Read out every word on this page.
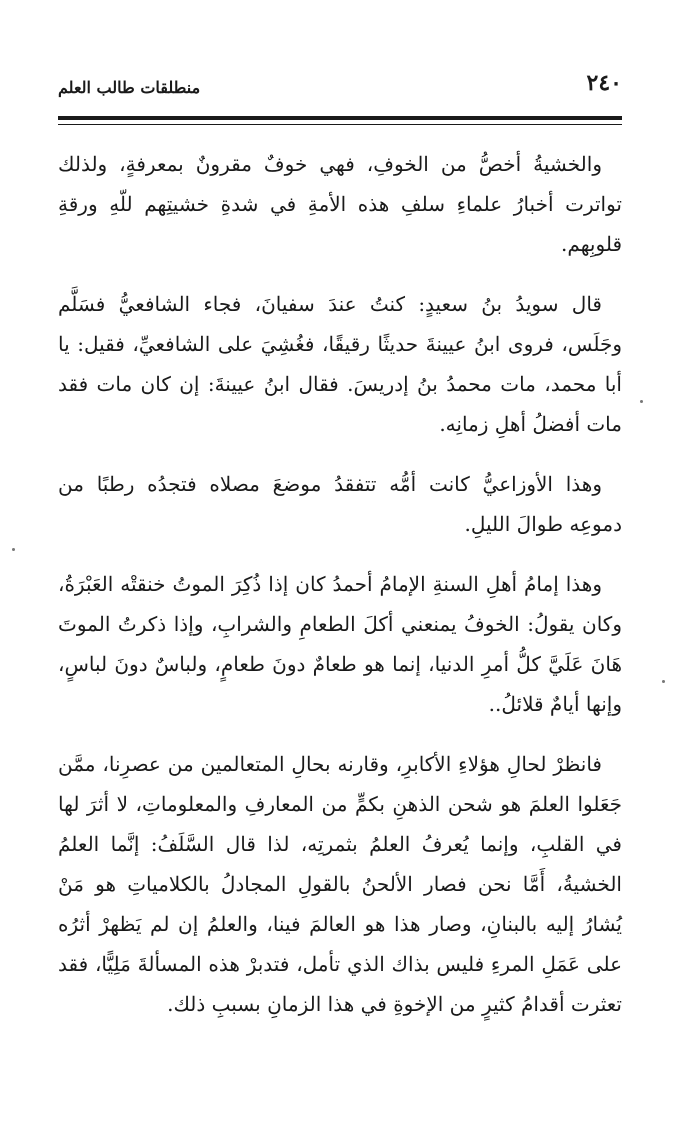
٢٤٠
منطلقات طالب العلم

والخشيةُ أخصُّ من الخوفِ، فهي خوفٌ مقرونٌ بمعرفةٍ، ولذلك تواترت أخبارُ علماءِ سلفِ هذه الأمةِ في شدةِ خشيتِهم للّهِ ورقةِ قلوبِهم.

قال سويدُ بنُ سعيدٍ: كنتُ عندَ سفيانَ، فجاء الشافعيُّ فسَلَّم وجَلَس، فروى ابنُ عيينةَ حديثًا رقيقًا، فغُشِيَ على الشافعيِّ، فقيل: يا أبا محمد، مات محمدُ بنُ إدريسَ. فقال ابنُ عيينةَ: إن كان مات فقد مات أفضلُ أهلِ زمانِه.

وهذا الأوزاعيُّ كانت أمُّه تتفقدُ موضعَ مصلاه فتجدُه رطبًا من دموعِه طوالَ الليلِ.

وهذا إمامُ أهلِ السنةِ الإمامُ أحمدُ كان إذا ذُكِرَ الموتُ خنقتْه العَبْرَةُ، وكان يقولُ: الخوفُ يمنعني أكلَ الطعامِ والشرابِ، وإذا ذكرتُ الموتَ هَانَ عَلَيَّ كلُّ أمرِ الدنيا، إنما هو طعامٌ دونَ طعامٍ، ولباسٌ دونَ لباسٍ، وإنها أيامٌ قلائلُ..

فانظرْ لحالِ هؤلاءِ الأكابرِ، وقارنه بحالِ المتعالمين من عصرِنا، ممَّن جَعَلوا العلمَ هو شحن الذهنِ بكمٍّ من المعارفِ والمعلوماتِ، لا أثرَ لها في القلبِ، وإنما يُعرفُ العلمُ بثمرتِه، لذا قال السَّلَفُ: إنَّما العلمُ الخشيةُ، أَمَّا نحن فصار الألحنُ بالقولِ المجادلُ بالكلامياتِ هو مَنْ يُشارُ إليه بالبنانِ، وصار هذا هو العالمَ فينا، والعلمُ إن لم يَظهرْ أثرُه على عَمَلِ المرءِ فليس بذاك الذي تأمل، فتدبرْ هذه المسألةَ مَلِيًّا، فقد تعثرت أقدامُ كثيرٍ من الإخوةِ في هذا الزمانِ بسببِ ذلك.
